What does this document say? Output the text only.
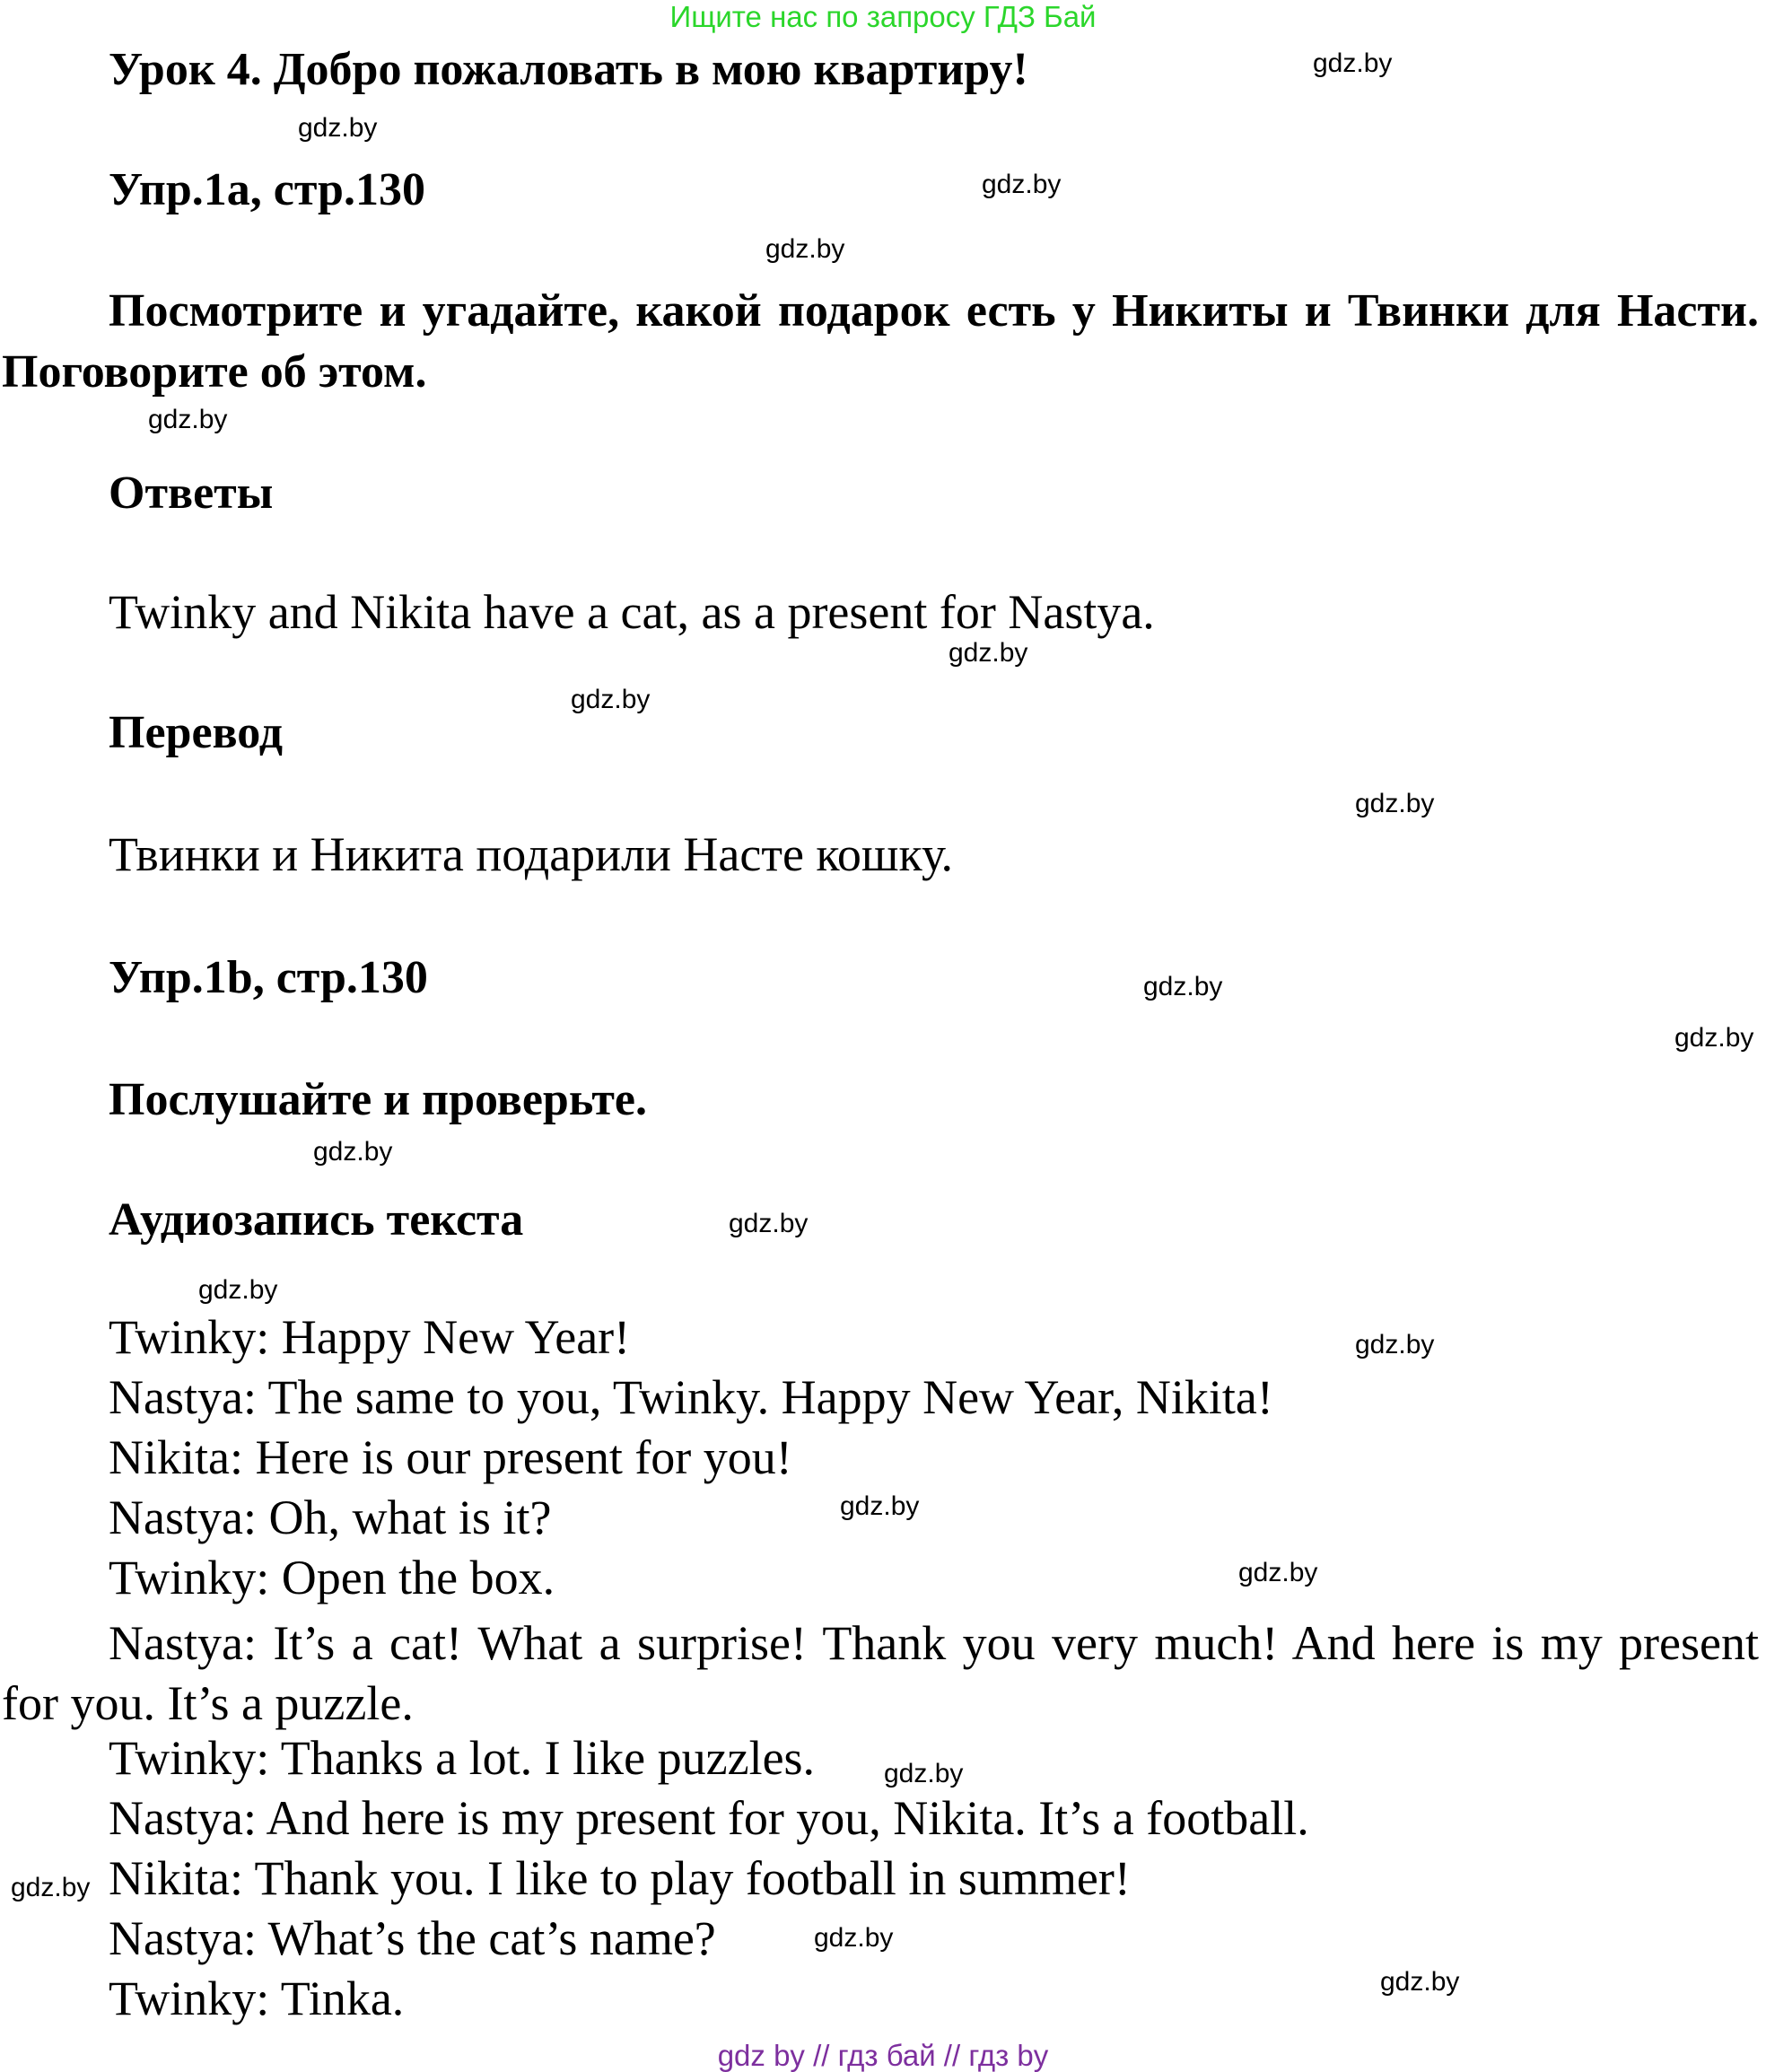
Ищите нас по запросу ГДЗ Бай
Урок 4. Добро пожаловать в мою квартиру!
Упр.1a, стр.130
Посмотрите и угадайте, какой подарок есть у Никиты и Твинки для Насти. Поговорите об этом.
Ответы
Twinky and Nikita have a cat, as a present for Nastya.
Перевод
Твинки и Никита подарили Насте кошку.
Упр.1b, стр.130
Послушайте и проверьте.
Аудиозапись текста
Twinky: Happy New Year!
Nastya: The same to you, Twinky. Happy New Year, Nikita!
Nikita: Here is our present for you!
Nastya: Oh, what is it?
Twinky: Open the box.
Nastya: It’s a cat! What a surprise! Thank you very much! And here is my present for you. It’s a puzzle.
Twinky: Thanks a lot. I like puzzles.
Nastya: And here is my present for you, Nikita. It’s a football.
Nikita: Thank you. I like to play football in summer!
Nastya: What’s the cat’s name?
Twinky: Tinka.
gdz.by
gdz.by
gdz.by
gdz.by
gdz.by
gdz.by
gdz.by
gdz.by
gdz.by
gdz.by
gdz.by
gdz.by
gdz.by
gdz.by
gdz.by
gdz.by
gdz.by
gdz.by
gdz.by
gdz.by
gdz by // гдз бай // гдз by
